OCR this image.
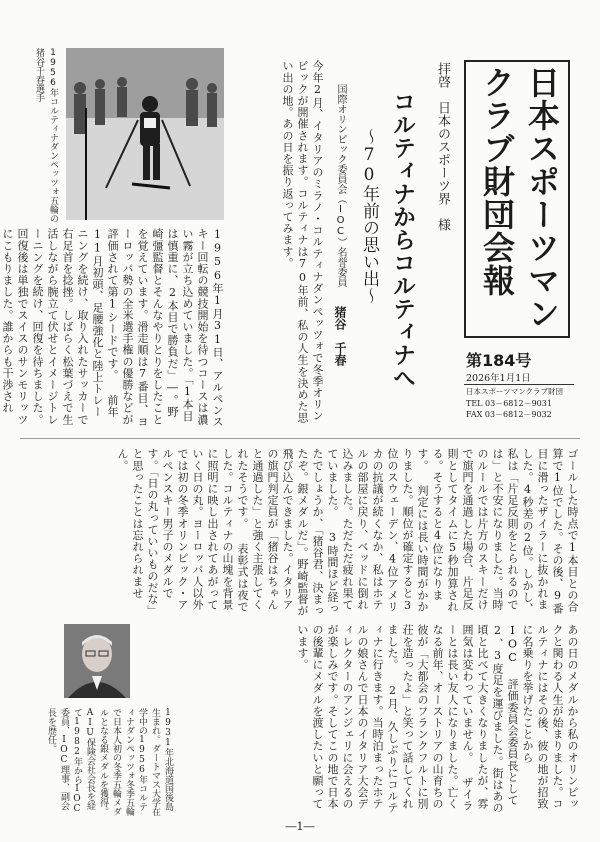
日本スポーツマンクラブ財団会報
拝啓　日本のスポーツ界　様
第184号
2026年1月1日
日本スポーツマンクラブ財団
TEL 03－6812－9031
FAX 03－6812－9032
コルティナからコルティナへ
～70年前の思い出～
国際オリンピック委員会（IOC）名誉委員
猪谷　千春
今年2月、イタリアのミラノ・コルティナダンペッツォで冬季オリンピックが開催されます。コルティナは70年前、私の人生を決めた思い出の地。あの日を振り返ってみます。
1956年1月31日、アルペンスキー回転の競技開始を待つコースは濃い霧が立ち込めていました。「1本目は慎重に、2本目で勝負だ」―。野崎彊監督とそんなやりとりをしたことを覚えています。滑走順は7番目、ヨーロッパ勢の全米選手権の優勝などが評価されて第1シードです。 前年11月初頭、足腰強化と陸上トレーニングを続け、取り入れたサッカーで右足首を捻挫。しばらく松葉づえで生活しながら腕立て伏せとイメージトレーニングを続け、回復を待ちました。回復後は単独でスイスのサンモリッツにこもりました。誰からも干渉され
1956年コルティナダンペッツォ五輪の猪谷千春選手
ゴールした時点で1本目との合算で1位でした。その後、9番目に滑ったザイラーに抜かれました。4秒差の2位。しかし、私は「片足反則をとられるのでは」と不安になりました。当時のルールでは片方のスキーだけで旗門を通過した場合、片足反則としてタイムに5秒加算される。そうすると4位になります。 判定には長い時間がかかりました。順位が確定すると3位のスウェーデン、4位アメリカの抗議が続くなか、私はホテルの部屋に戻り、ベッドに倒れ込みました。ただただ疲れ果てていました。 3時間ほど経ったでしょうか、「猪谷君、決まったぞ。銀メダルだ」。野崎監督が飛び込んできました。イタリアの旗門判定員が「猪谷はちゃんと通過した」と強く主張してくれたそうです。 表彰式は夜でした。コルティナの山塊を背景に照明に映し出されてあがっていく日の丸。ヨーロッパ人以外では初の冬季オリンピック・アルペンスキー男子のメダルです。「日の丸っていいものだな」と思ったことは忘れられません。
あの日のメダルから私のオリンピックと関わる人生が始まりました。コルティナにはその後、彼の地が招致に名乗りを挙げたことから IOC 評価委員会委員長として2、3度足を運びました。街はあの頃と比べて大きくなりましたが、雰囲気は変わっていません。 ザイラーとは長い友人になりました。亡くなる前年、オーストリアの山育ちの彼が「大都会のフランクフルトに別荘を造ったよ」と笑って話してくれました。 2月、久しぶりにコルティナに行きます。当時泊まったホテルの娘さんで日本のイタリア大会ディレクターのアンジェリに会えるのが楽しみです。そしてこの地で日本の後輩にメダルを渡したいと願っています。
1931年北海道国後島生まれ。ダートマス大学在学中の1956年コルティナダンペッツォ冬季五輪で日本人初の冬季五輪メダルとなる銀メダルを獲得。AIU保険会社会長を経て1982年からIOC委員、IOC理事、副会長を歴任。
―1―
